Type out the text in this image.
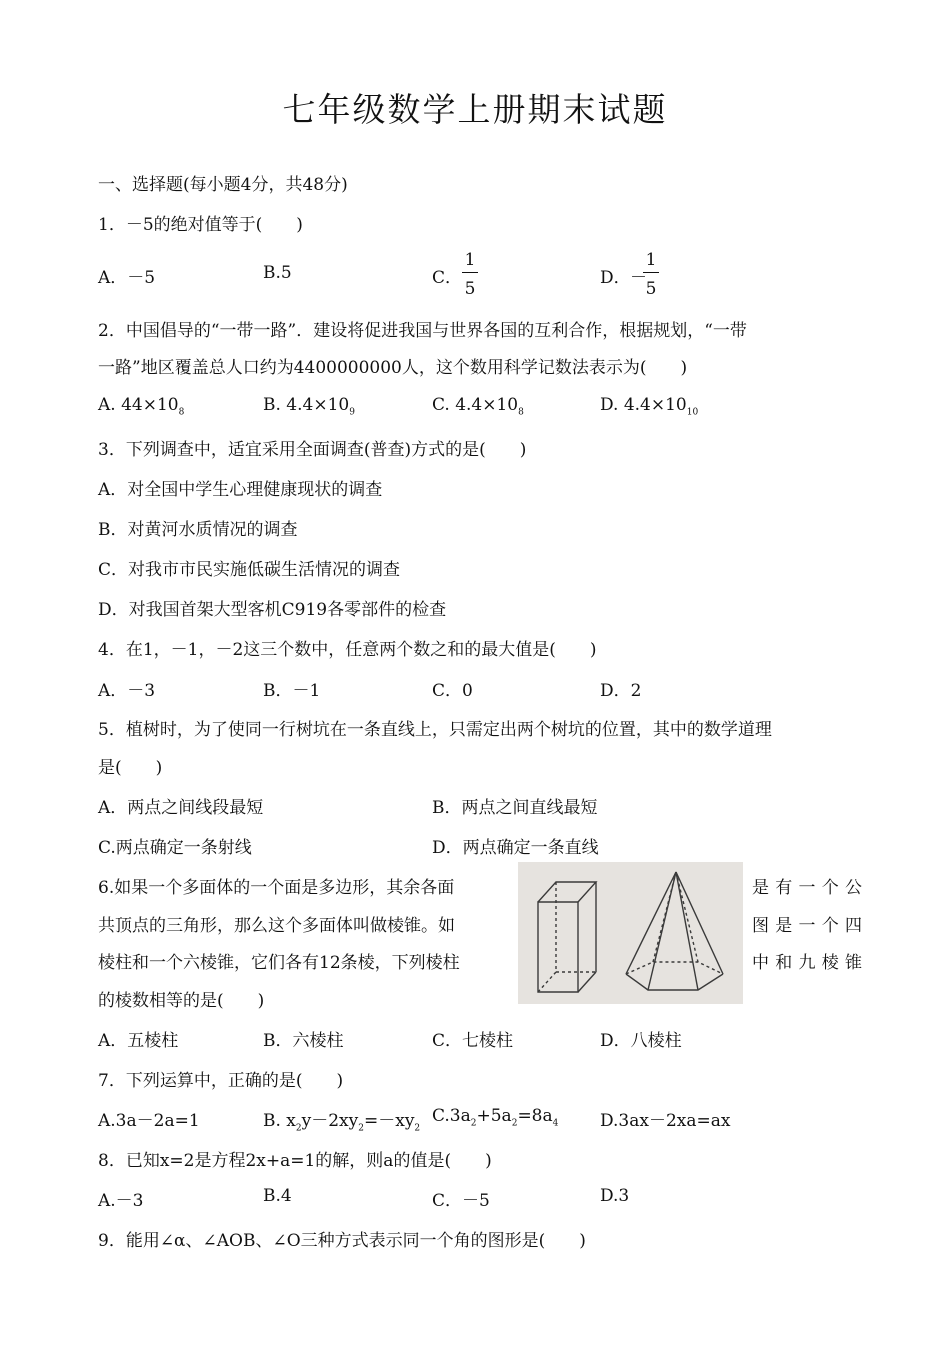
七年级数学上册期末试题
一、选择题(每小题4分，共48分)
1．－5的绝对值等于(　　)
A．－5	B.5	C． $\frac{1}{5}$	D． －
$\frac{1}{5}$
2．中国倡导的“一带一路”．建设将促进我国与世界各国的互利合作，根据规划，“一带
一路”地区覆盖总人口约为4400000000人，这个数用科学记数法表示为(　　)
A. $44\times 10_8$	B. $4.4\times 10_9$	C. $4.4\times 10_8$	D. $4.4\times 10_{10}$
3．下列调查中，适宜采用全面调查(普查)方式的是(　　)
A．对全国中学生心理健康现状的调查
B．对黄河水质情况的调查
C．对我市市民实施低碳生活情况的调查
D．对我国首架大型客机C919各零部件的检查
4．在1，－1，－2这三个数中，任意两个数之和的最大值是(　　)
A．－3	B．－1	C．0	D．2
5．植树时，为了使同一行树坑在一条直线上，只需定出两个树坑的位置，其中的数学道理
是(　　)
A．两点之间线段最短	B．两点之间直线最短
C.两点确定一条射线	D．两点确定一条直线
6.如果一个多面体的一个面是多边形，其余各面	是有一个公
共顶点的三角形，那么这个多面体叫做棱锥。如	图是一个四
棱柱和一个六棱锥，它们各有12条棱，下列棱柱	中和九棱锥
的棱数相等的是(　　)
A．五棱柱	B．六棱柱	C．七棱柱	D．八棱柱
7．下列运算中，正确的是(　　)
A.3a－2a=1	B. $x_2y-2xy_2=-xy_2$
$C.3a_2+5a_2=8a_4$ D.3ax－2xa=ax
8．已知x=2是方程2x+a=1的解，则a的值是(　　)
A.－3	B.4	C．－5	D.3
9．能用∠α、∠AOB、∠O三种方式表示同一个角的图形是(　　)
